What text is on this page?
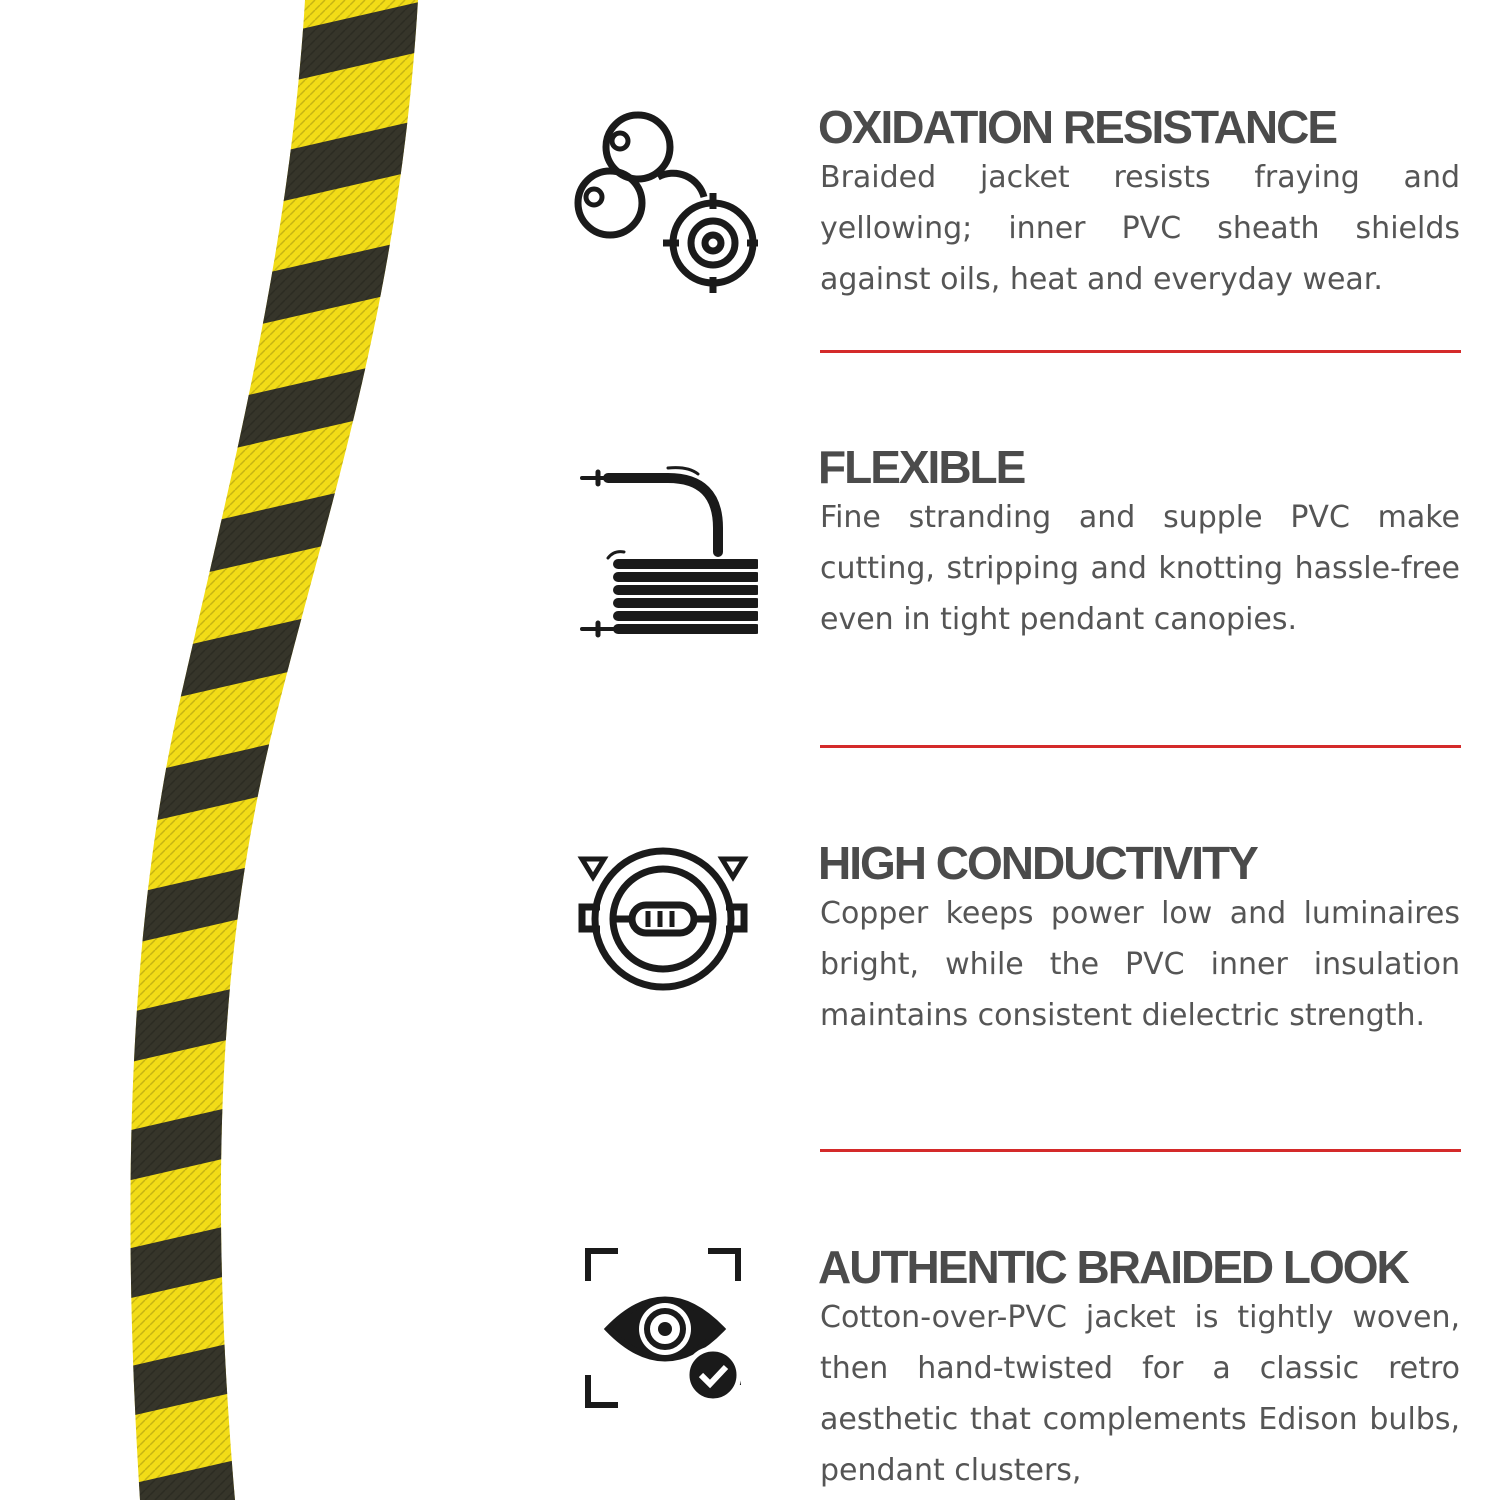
OXIDATION RESISTANCE

Braided jacket resists fraying and yellowing; inner PVC sheath shields against oils, heat and everyday wear.

FLEXIBLE

Fine stranding and supple PVC make cutting, stripping and knotting hassle-free even in tight pendant canopies.

HIGH CONDUCTIVITY

Copper keeps power low and luminaires bright, while the PVC inner insulation maintains consistent dielectric strength.

AUTHENTIC BRAIDED LOOK

Cotton-over-PVC jacket is tightly woven, then hand-twisted for a classic retro aesthetic that complements Edison bulbs, pendant clusters,
